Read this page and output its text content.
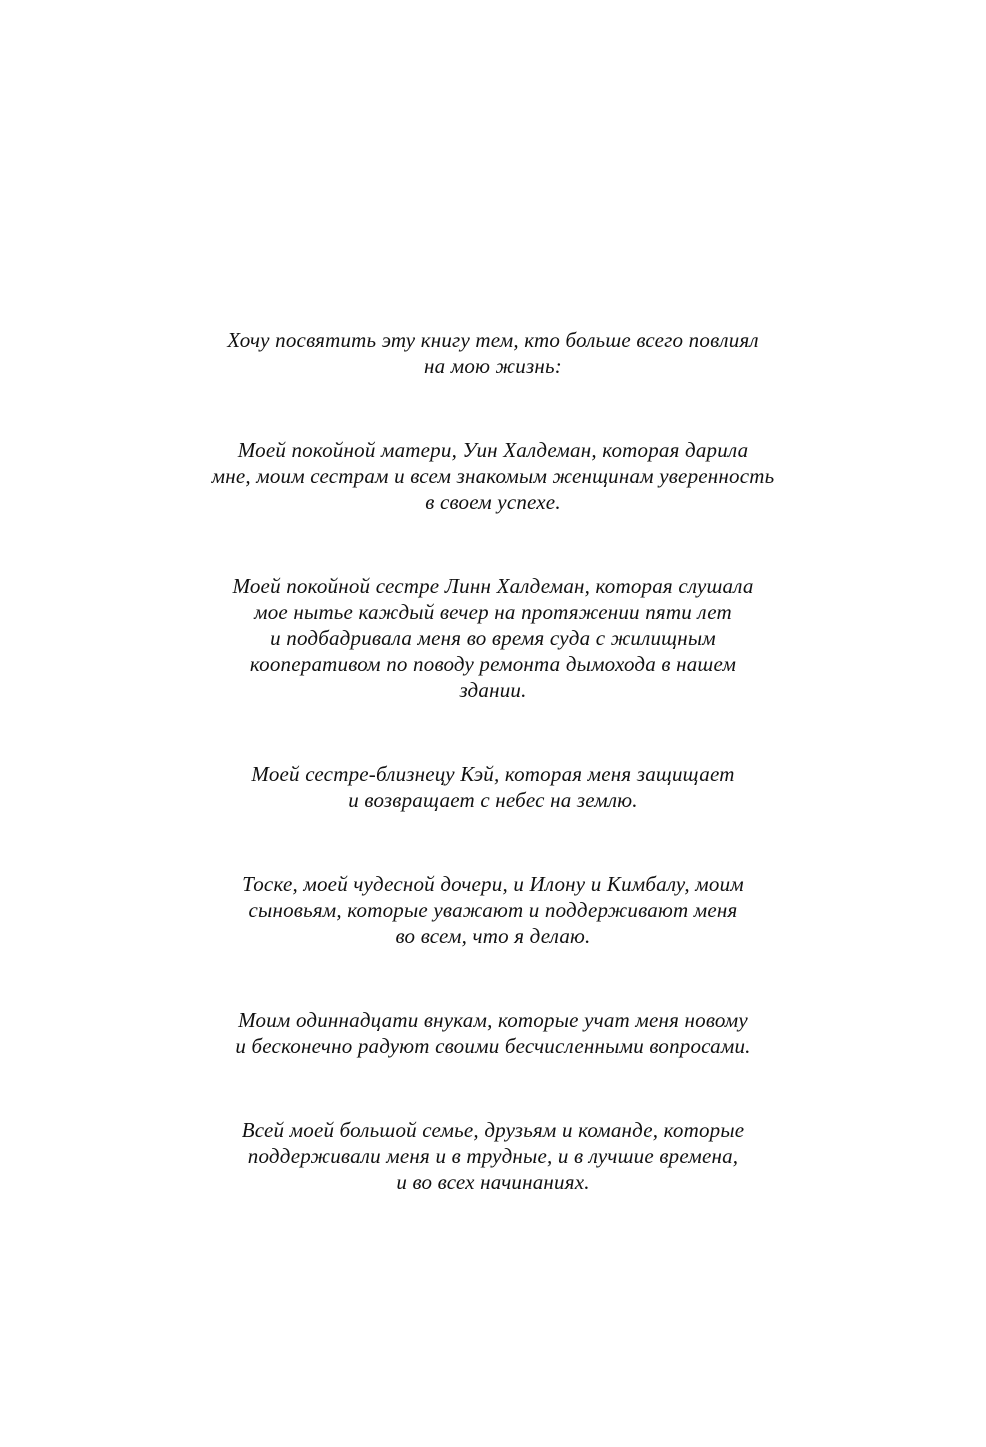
Хочу посвятить эту книгу тем, кто больше всего повлиял
на мою жизнь:

Моей покойной матери, Уин Халдеман, которая дарила
мне, моим сестрам и всем знакомым женщинам уверенность
в своем успехе.

Моей покойной сестре Линн Халдеман, которая слушала
мое нытье каждый вечер на протяжении пяти лет
и подбадривала меня во время суда с жилищным
кооперативом по поводу ремонта дымохода в нашем
здании.

Моей сестре-близнецу Кэй, которая меня защищает
и возвращает с небес на землю.

Тоске, моей чудесной дочери, и Илону и Кимбалу, моим
сыновьям, которые уважают и поддерживают меня
во всем, что я делаю.

Моим одиннадцати внукам, которые учат меня новому
и бесконечно радуют своими бесчисленными вопросами.

Всей моей большой семье, друзьям и команде, которые
поддерживали меня и в трудные, и в лучшие времена,
и во всех начинаниях.
